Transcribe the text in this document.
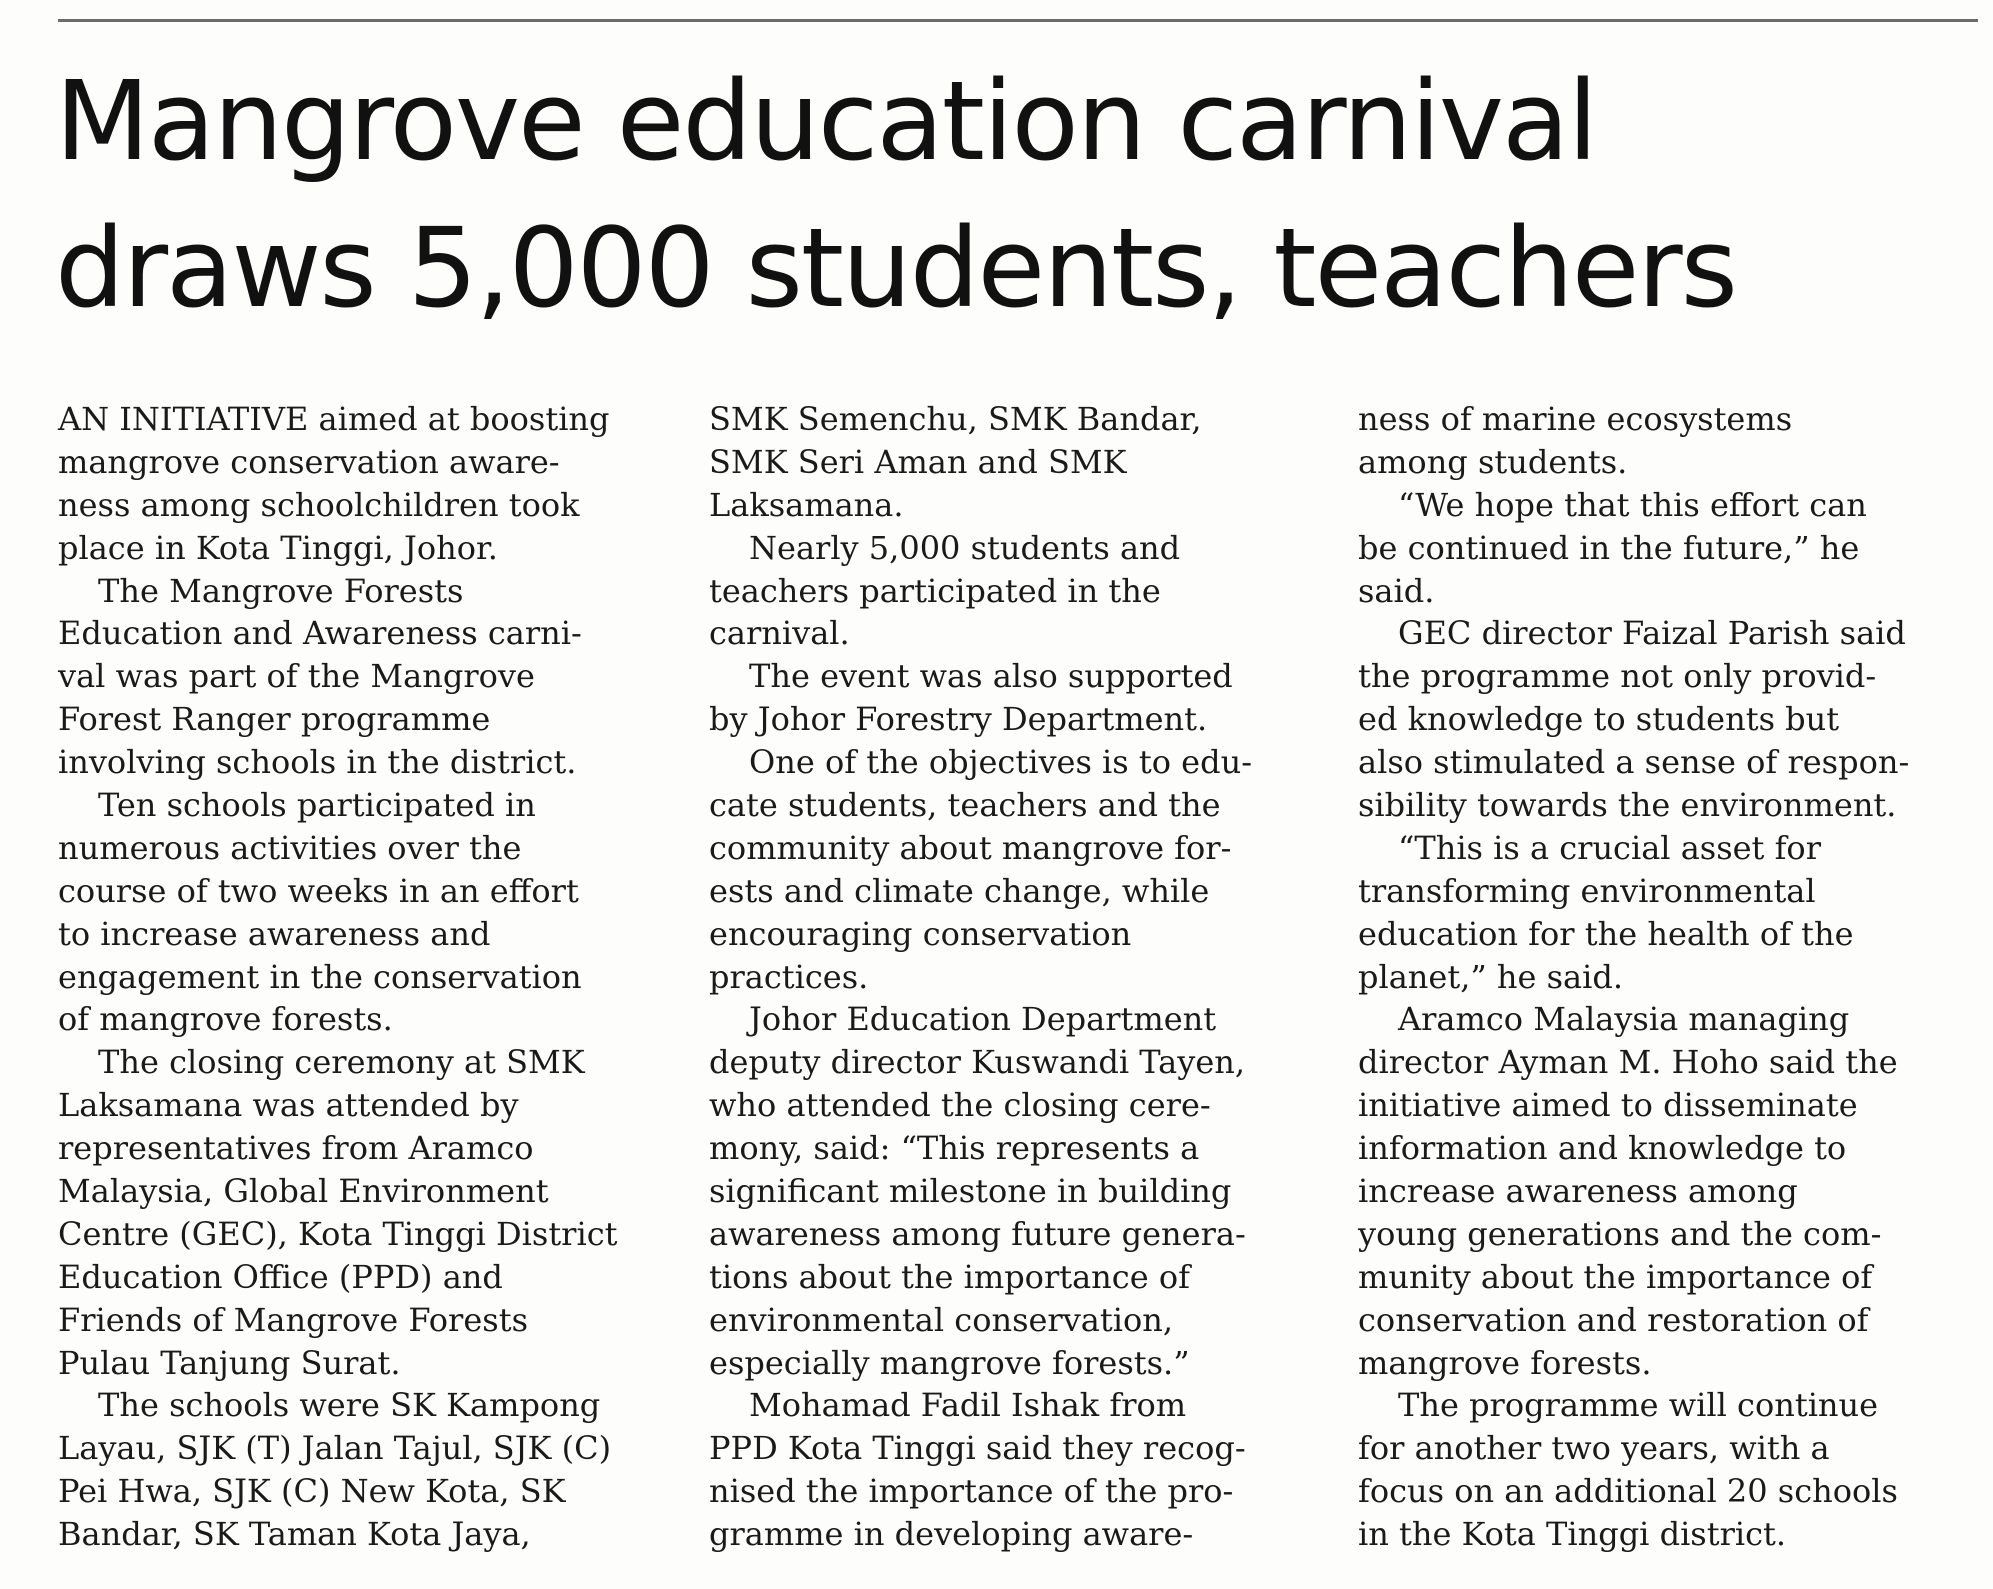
Mangrove education carnival
draws 5,000 students, teachers
AN INITIATIVE aimed at boosting
mangrove conservation aware-
ness among schoolchildren took
place in Kota Tinggi, Johor.
The Mangrove Forests
Education and Awareness carni-
val was part of the Mangrove
Forest Ranger programme
involving schools in the district.
Ten schools participated in
numerous activities over the
course of two weeks in an effort
to increase awareness and
engagement in the conservation
of mangrove forests.
The closing ceremony at SMK
Laksamana was attended by
representatives from Aramco
Malaysia, Global Environment
Centre (GEC), Kota Tinggi District
Education Office (PPD) and
Friends of Mangrove Forests
Pulau Tanjung Surat.
The schools were SK Kampong
Layau, SJK (T) Jalan Tajul, SJK (C)
Pei Hwa, SJK (C) New Kota, SK
Bandar, SK Taman Kota Jaya,
SMK Semenchu, SMK Bandar,
SMK Seri Aman and SMK
Laksamana.
Nearly 5,000 students and
teachers participated in the
carnival.
The event was also supported
by Johor Forestry Department.
One of the objectives is to edu-
cate students, teachers and the
community about mangrove for-
ests and climate change, while
encouraging conservation
practices.
Johor Education Department
deputy director Kuswandi Tayen,
who attended the closing cere-
mony, said: “This represents a
significant milestone in building
awareness among future genera-
tions about the importance of
environmental conservation,
especially mangrove forests.”
Mohamad Fadil Ishak from
PPD Kota Tinggi said they recog-
nised the importance of the pro-
gramme in developing aware-
ness of marine ecosystems
among students.
“We hope that this effort can
be continued in the future,” he
said.
GEC director Faizal Parish said
the programme not only provid-
ed knowledge to students but
also stimulated a sense of respon-
sibility towards the environment.
“This is a crucial asset for
transforming environmental
education for the health of the
planet,” he said.
Aramco Malaysia managing
director Ayman M. Hoho said the
initiative aimed to disseminate
information and knowledge to
increase awareness among
young generations and the com-
munity about the importance of
conservation and restoration of
mangrove forests.
The programme will continue
for another two years, with a
focus on an additional 20 schools
in the Kota Tinggi district.
